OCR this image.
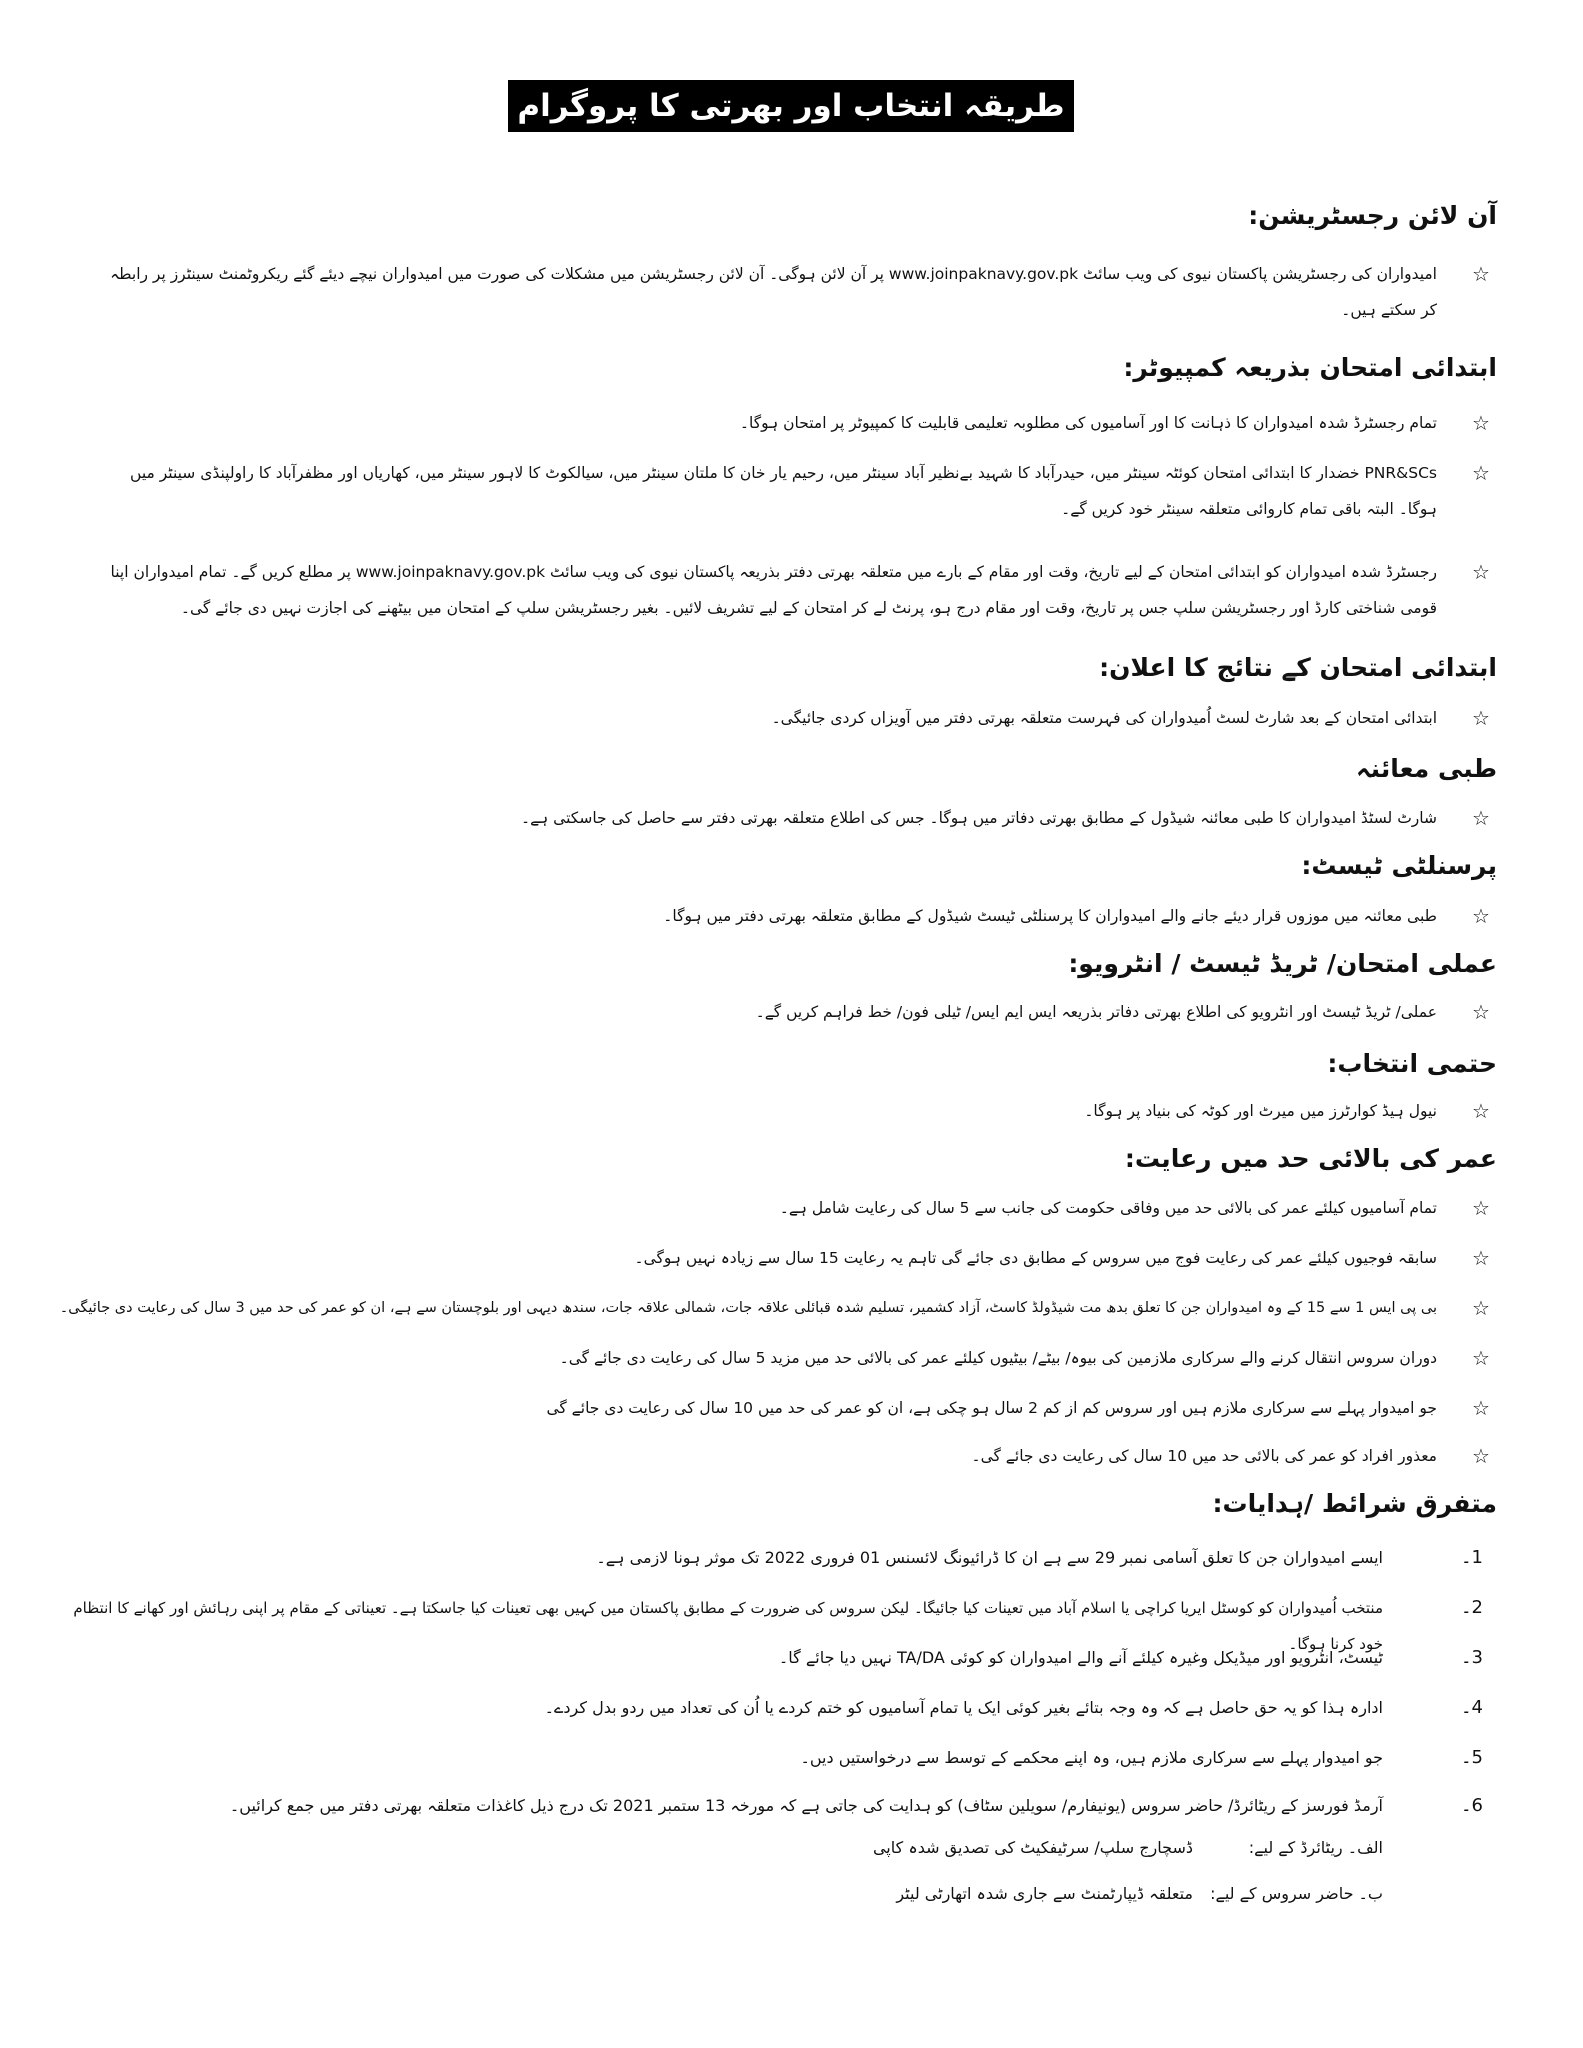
طریقہ انتخاب اور بھرتی کا پروگرام
آن لائن رجسٹریشن:
☆
امیدواران کی رجسٹریشن پاکستان نیوی کی ویب سائٹ www.joinpaknavy.gov.pk پر آن لائن ہوگی۔ آن لائن رجسٹریشن میں مشکلات کی صورت میں امیدواران نیچے دیئے گئے ریکروٹمنٹ سینٹرز پر رابطہ کر سکتے ہیں۔
ابتدائی امتحان بذریعہ کمپیوٹر:
☆
تمام رجسٹرڈ شدہ امیدواران کا ذہانت کا اور آسامیوں کی مطلوبہ تعلیمی قابلیت کا کمپیوٹر پر امتحان ہوگا۔
☆
PNR&SCs خضدار کا ابتدائی امتحان کوئٹہ سینٹر میں، حیدرآباد کا شہید بےنظیر آباد سینٹر میں، رحیم یار خان کا ملتان سینٹر میں، سیالکوٹ کا لاہور سینٹر میں، کھاریاں اور مظفرآباد کا راولپنڈی سینٹر میں ہوگا۔ البتہ باقی تمام کاروائی متعلقہ سینٹر خود کریں گے۔
☆
رجسٹرڈ شدہ امیدواران کو ابتدائی امتحان کے لیے تاریخ، وقت اور مقام کے بارے میں متعلقہ بھرتی دفتر بذریعہ پاکستان نیوی کی ویب سائٹ www.joinpaknavy.gov.pk پر مطلع کریں گے۔ تمام امیدواران اپنا قومی شناختی کارڈ اور رجسٹریشن سلپ جس پر تاریخ، وقت اور مقام درج ہو، پرنٹ لے کر امتحان کے لیے تشریف لائیں۔ بغیر رجسٹریشن سلپ کے امتحان میں بیٹھنے کی اجازت نہیں دی جائے گی۔
ابتدائی امتحان کے نتائج کا اعلان:
☆
ابتدائی امتحان کے بعد شارٹ لسٹ اُمیدواران کی فہرست متعلقہ بھرتی دفتر میں آویزاں کردی جائیگی۔
طبی معائنہ
☆
شارٹ لسٹڈ امیدواران کا طبی معائنہ شیڈول کے مطابق بھرتی دفاتر میں ہوگا۔ جس کی اطلاع متعلقہ بھرتی دفتر سے حاصل کی جاسکتی ہے۔
پرسنلٹی ٹیسٹ:
☆
طبی معائنہ میں موزوں قرار دیئے جانے والے امیدواران کا پرسنلٹی ٹیسٹ شیڈول کے مطابق متعلقہ بھرتی دفتر میں ہوگا۔
عملی امتحان/ ٹریڈ ٹیسٹ / انٹرویو:
☆
عملی/ ٹریڈ ٹیسٹ اور انٹرویو کی اطلاع بھرتی دفاتر بذریعہ ایس ایم ایس/ ٹیلی فون/ خط فراہم کریں گے۔
حتمی انتخاب:
☆
نیول ہیڈ کوارٹرز میں میرٹ اور کوٹہ کی بنیاد پر ہوگا۔
عمر کی بالائی حد میں رعایت:
☆
تمام آسامیوں کیلئے عمر کی بالائی حد میں وفاقی حکومت کی جانب سے 5 سال کی رعایت شامل ہے۔
☆
سابقہ فوجیوں کیلئے عمر کی رعایت فوج میں سروس کے مطابق دی جائے گی تاہم یہ رعایت 15 سال سے زیادہ نہیں ہوگی۔
☆
بی پی ایس 1 سے 15 کے وہ امیدواران جن کا تعلق بدھ مت شیڈولڈ کاسٹ، آزاد کشمیر، تسلیم شدہ قبائلی علاقہ جات، شمالی علاقہ جات، سندھ دیہی اور بلوچستان سے ہے، ان کو عمر کی حد میں 3 سال کی رعایت دی جائیگی۔
☆
دوران سروس انتقال کرنے والے سرکاری ملازمین کی بیوہ/ بیٹے/ بیٹیوں کیلئے عمر کی بالائی حد میں مزید 5 سال کی رعایت دی جائے گی۔
☆
جو امیدوار پہلے سے سرکاری ملازم ہیں اور سروس کم از کم 2 سال ہو چکی ہے، ان کو عمر کی حد میں 10 سال کی رعایت دی جائے گی
☆
معذور افراد کو عمر کی بالائی حد میں 10 سال کی رعایت دی جائے گی۔
متفرق شرائط /ہدایات:
1۔
ایسے امیدواران جن کا تعلق آسامی نمبر 29 سے ہے ان کا ڈرائیونگ لائسنس 01 فروری 2022 تک موثر ہونا لازمی ہے۔
2۔
منتخب اُمیدواران کو کوسٹل ایریا کراچی یا اسلام آباد میں تعینات کیا جائیگا۔ لیکن سروس کی ضرورت کے مطابق پاکستان میں کہیں بھی تعینات کیا جاسکتا ہے۔ تعیناتی کے مقام پر اپنی رہائش اور کھانے کا انتظام خود کرنا ہوگا۔
3۔
ٹیسٹ، انٹرویو اور میڈیکل وغیرہ کیلئے آنے والے امیدواران کو کوئی TA/DA نہیں دیا جائے گا۔
4۔
ادارہ ہذا کو یہ حق حاصل ہے کہ وہ وجہ بتائے بغیر کوئی ایک یا تمام آسامیوں کو ختم کردے یا اُن کی تعداد میں ردو بدل کردے۔
5۔
جو امیدوار پہلے سے سرکاری ملازم ہیں، وہ اپنے محکمے کے توسط سے درخواستیں دیں۔
6۔
آرمڈ فورسز کے ریٹائرڈ/ حاضر سروس (یونیفارم/ سویلین سٹاف) کو ہدایت کی جاتی ہے کہ مورخہ 13 ستمبر 2021 تک درج ذیل کاغذات متعلقہ بھرتی دفتر میں جمع کرائیں۔
الف۔ ریٹائرڈ کے لیے:ڈسچارج سلپ/ سرٹیفکیٹ کی تصدیق شدہ کاپی
ب۔ حاضر سروس کے لیے:متعلقہ ڈیپارٹمنٹ سے جاری شدہ اتھارٹی لیٹر
